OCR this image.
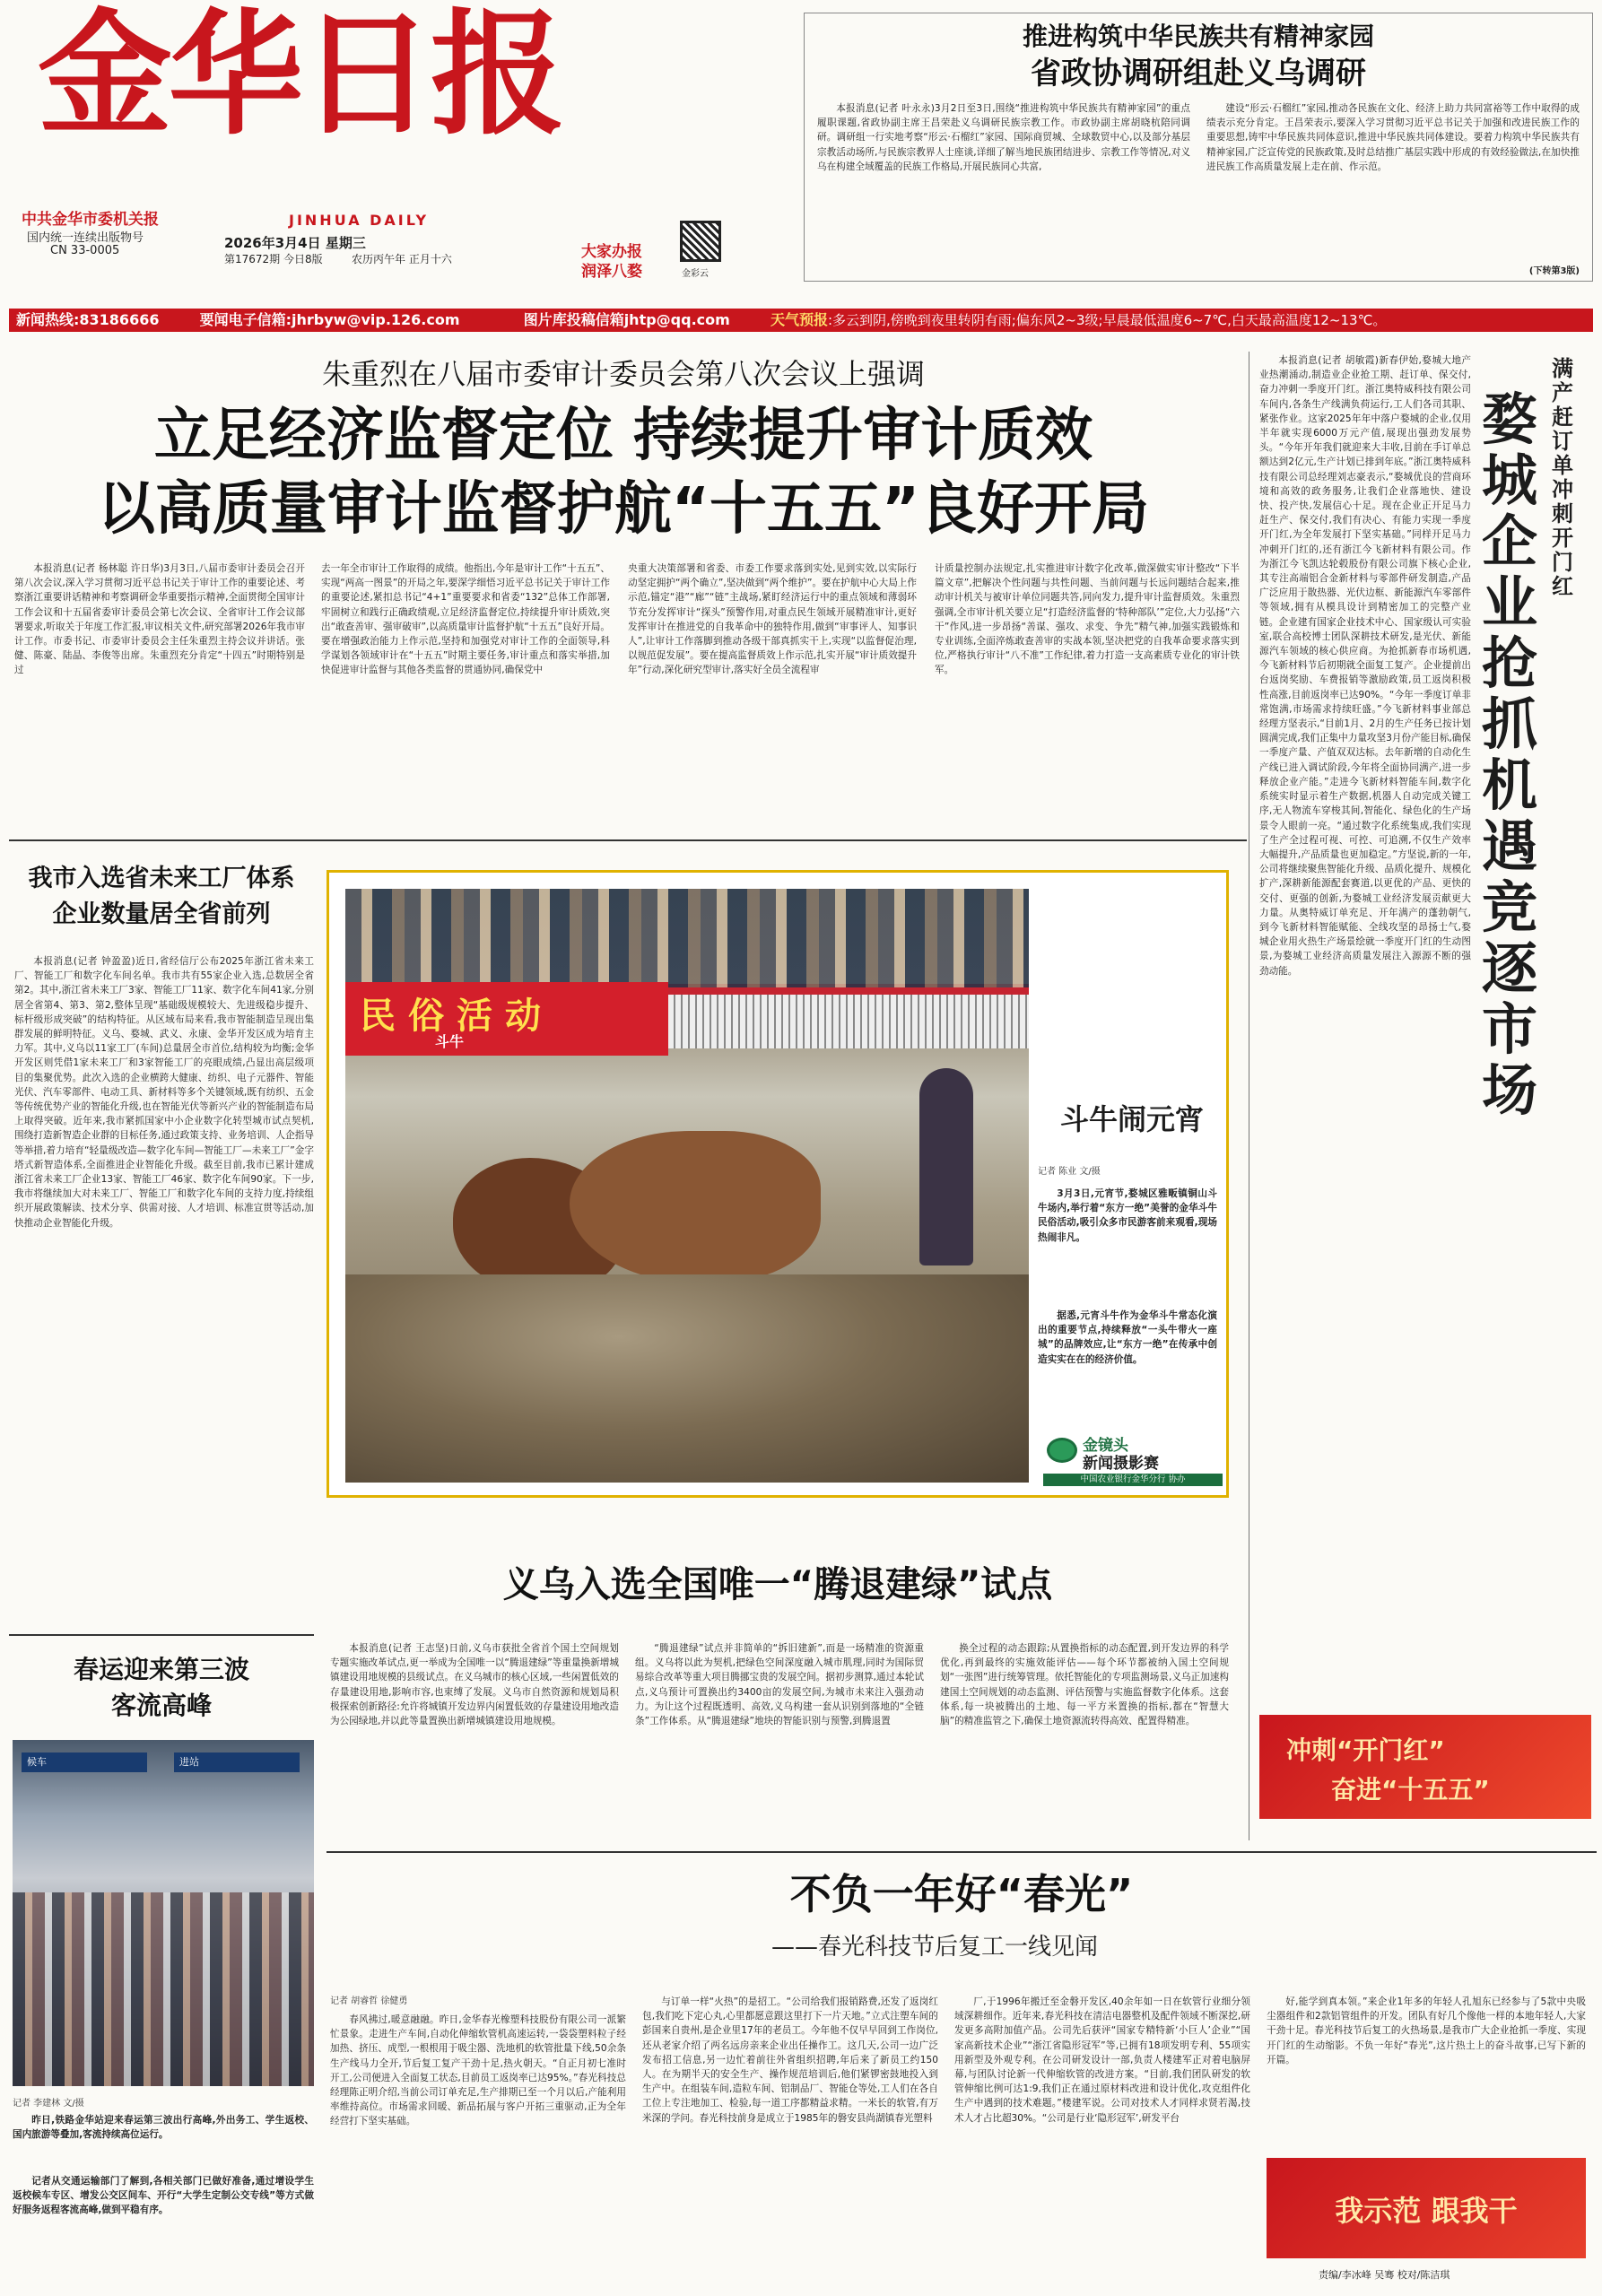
金华日报
JINHUA DAILY
中共金华市委机关报
国内统一连续出版物号
CN 33-0005	2026年3月4日 星期三
第17672期 今日8版	农历丙午年 正月十六	大家办报
润泽八婺	金彩云
推进构筑中华民族共有精神家园
省政协调研组赴义乌调研
本报消息(记者 叶永永)3月2日至3日,围绕“推进构筑中华民族共有精神家园”的重点履职课题,省政协副主席王昌荣赴义乌调研民族宗教工作。市政协副主席胡晓杭陪同调研。调研组一行实地考察“形云·石榴红”家园、国际商贸城、全球数贸中心,以及部分基层宗教活动场所,与民族宗教界人士座谈,详细了解当地民族团结进步、宗教工作等情况,对义乌在构建全域覆盖的民族工作格局,开展民族同心共富,
建设“形云·石榴红”家园,推动各民族在文化、经济上助力共同富裕等工作中取得的成绩表示充分肯定。王昌荣表示,要深入学习贯彻习近平总书记关于加强和改进民族工作的重要思想,铸牢中华民族共同体意识,推进中华民族共同体建设。要着力构筑中华民族共有精神家园,广泛宣传党的民族政策,及时总结推广基层实践中形成的有效经验做法,在加快推进民族工作高质量发展上走在前、作示范。
(下转第3版)
新闻热线:83186666	要闻电子信箱:jhrbyw@vip.126.com	图片库投稿信箱jhtp@qq.com	天气预报:多云到阴,傍晚到夜里转阴有雨;偏东风2~3级;早晨最低温度6~7℃,白天最高温度12~13℃。
朱重烈在八届市委审计委员会第八次会议上强调
立足经济监督定位 持续提升审计质效
以高质量审计监督护航“十五五”良好开局
本报消息(记者 杨林聪 许日华)3月3日,八届市委审计委员会召开第八次会议,深入学习贯彻习近平总书记关于审计工作的重要论述、考察浙江重要讲话精神和考察调研金华重要指示精神,全面贯彻全国审计工作会议和十五届省委审计委员会第七次会议、全省审计工作会议部署要求,听取关于年度工作汇报,审议相关文件,研究部署2026年我市审计工作。市委书记、市委审计委员会主任朱重烈主持会议并讲话。张健、陈豪、陆晶、李俊等出席。朱重烈充分肯定“十四五”时期特别是过
去一年全市审计工作取得的成绩。他指出,今年是审计工作“十五五”、实现“两高一图景”的开局之年,要深学细悟习近平总书记关于审计工作的重要论述,紧扣总书记“4+1”重要要求和省委“132”总体工作部署,牢固树立和践行正确政绩观,立足经济监督定位,持续提升审计质效,突出“敢查善审、强审破审”,以高质量审计监督护航“十五五”良好开局。要在增强政治能力上作示范,坚持和加强党对审计工作的全面领导,科学谋划各领域审计在“十五五”时期主要任务,审计重点和落实举措,加快促进审计监督与其他各类监督的贯通协同,确保党中
央重大决策部署和省委、市委工作要求落到实处,见到实效,以实际行动坚定拥护“两个确立”,坚决做到“两个维护”。要在护航中心大局上作示范,锚定“港”“廊”“链”主战场,紧盯经济运行中的重点领域和薄弱环节充分发挥审计“探头”预警作用,对重点民生领域开展精准审计,更好发挥审计在推进党的自我革命中的独特作用,做到“审事评人、知事识人”,让审计工作落脚到推动各级干部真抓实干上,实现“以监督促治理,以规范促发展”。要在提高监督质效上作示范,扎实开展“审计质效提升年”行动,深化研究型审计,落实好全员全流程审
计质量控制办法规定,扎实推进审计数字化改革,做深做实审计整改“下半篇文章”,把解决个性问题与共性问题、当前问题与长远问题结合起来,推动审计机关与被审计单位同题共答,同向发力,提升审计监督质效。朱重烈强调,全市审计机关要立足“打造经济监督的‘特种部队’”定位,大力弘扬“六干”作风,进一步昂扬“善谋、强攻、求变、争先”精气神,加强实践锻炼和专业训练,全面淬炼敢查善审的实战本领,坚决把党的自我革命要求落实到位,严格执行审计“八不准”工作纪律,着力打造一支高素质专业化的审计铁军。
我市入选省未来工厂体系
企业数量居全省前列
本报消息(记者 钟盈盈)近日,省经信厅公布2025年浙江省未来工厂、智能工厂和数字化车间名单。我市共有55家企业入选,总数居全省第2。其中,浙江省未来工厂3家、智能工厂11家、数字化车间41家,分别居全省第4、第3、第2,整体呈现“基础级规模较大、先进级稳步提升、标杆级形成突破”的结构特征。从区域布局来看,我市智能制造呈现出集群发展的鲜明特征。义乌、婺城、武义、永康、金华开发区成为培育主力军。其中,义乌以11家工厂(车间)总量居全市首位,结构较为均衡;金华开发区则凭借1家未来工厂和3家智能工厂的亮眼成绩,凸显出高层级项目的集聚优势。此次入选的企业横跨大健康、纺织、电子元器件、智能光伏、汽车零部件、电动工具、新材料等多个关键领域,既有纺织、五金等传统优势产业的智能化升级,也在智能光伏等新兴产业的智能制造布局上取得突破。近年来,我市紧抓国家中小企业数字化转型城市试点契机,围绕打造新智造企业群的目标任务,通过政策支持、业务培训、人企指导等举措,着力培育“轻量级改造—数字化车间—智能工厂—未来工厂”金字塔式新智造体系,全面推进企业智能化升级。截至目前,我市已累计建成浙江省未来工厂企业13家、智能工厂46家、数字化车间90家。下一步,我市将继续加大对未来工厂、智能工厂和数字化车间的支持力度,持续组织开展政策解读、技术分享、供需对接、人才培训、标准宣贯等活动,加快推动企业智能化升级。
民俗活动
斗牛
斗牛闹元宵
记者 陈业 文/摄
3月3日,元宵节,婺城区雅畈镇铜山斗牛场内,举行着“东方一绝”美誉的金华斗牛民俗活动,吸引众多市民游客前来观看,现场热闹非凡。
据悉,元宵斗牛作为金华斗牛常态化演出的重要节点,持续释放“一头牛带火一座城”的品牌效应,让“东方一绝”在传承中创造实实在在的经济价值。
金镜头
新闻摄影赛
中国农业银行金华分行 协办
义乌入选全国唯一“腾退建绿”试点
本报消息(记者 王志坚)日前,义乌市获批全省首个国土空间规划专题实施改革试点,更一举成为全国唯一以“腾退建绿”等重量换新增城镇建设用地规模的县级试点。在义乌城市的核心区域,一些闲置低效的存量建设用地,影响市容,也束缚了发展。义乌市自然资源和规划局积极探索创新路径:允许将城镇开发边界内闲置低效的存量建设用地改造为公园绿地,并以此等量置换出新增城镇建设用地规模。
“腾退建绿”试点并非简单的“拆旧建新”,而是一场精准的资源重组。义乌将以此为契机,把绿色空间深度融入城市肌理,同时为国际贸易综合改革等重大项目腾挪宝贵的发展空间。据初步测算,通过本轮试点,义乌预计可置换出约3400亩的发展空间,为城市未来注入强劲动力。为让这个过程既透明、高效,义乌构建一套从识别到落地的“全链条”工作体系。从“腾退建绿”地块的智能识别与预警,到腾退置
换全过程的动态跟踪;从置换指标的动态配置,到开发边界的科学优化,再到最终的实施效能评估——每个环节都被纳入国土空间规划“一张图”进行统筹管理。依托智能化的专项监测场景,义乌正加速构建国土空间规划的动态监测、评估预警与实施监督数字化体系。这套体系,每一块被腾出的土地、每一平方米置换的指标,都在“智慧大脑”的精准监管之下,确保土地资源流转得高效、配置得精准。
春运迎来第三波
客流高峰
候车	进站
记者 李建林 文/摄
昨日,铁路金华站迎来春运第三波出行高峰,外出务工、学生返校、国内旅游等叠加,客流持续高位运行。
记者从交通运输部门了解到,各相关部门已做好准备,通过增设学生返校候车专区、增发公交区间车、开行“大学生定制公交专线”等方式做好服务返程客流高峰,做到平稳有序。
不负一年好“春光”
——春光科技节后复工一线见闻
记者 胡睿哲 徐健勇
春风拂过,暖意融融。昨日,金华春光橡塑科技股份有限公司一派繁忙景象。走进生产车间,自动化伸缩软管机高速运转,一袋袋塑料粒子经加热、挤压、成型,一根根用于吸尘器、洗地机的软管批量下线,50余条生产线马力全开,节后复工复产干劲十足,热火朝天。“自正月初七准时开工,公司便进入全面复工状态,目前员工返岗率已达95%。”春光科技总经理陈正明介绍,当前公司订单充足,生产排期已至一个月以后,产能利用率维持高位。市场需求回暖、新品拓展与客户开拓三重驱动,正为全年经营打下坚实基础。
与订单一样“火热”的是招工。“公司给我们报销路费,还发了返岗红包,我们吃下定心丸,心里都愿意跟这里打下一片天地。”立式注塑车间的彭国来自贵州,是企业里17年的老员工。今年他不仅早早回到工作岗位,还从老家介绍了两名远房亲来企业出任操作工。这几天,公司一边广泛发布招工信息,另一边忙着前往外省组织招聘,年后来了新员工约150人。在为期半天的安全生产、操作规范培训后,他们紧锣密鼓地投入到生产中。在组装车间,造粒车间、铝制品厂、智能仓等处,工人们在各自工位上专注地加工、检验,每一道工序都精益求精。一米长的软管,有万米深的学问。春光科技前身是成立于1985年的磐安县尚湖镇春光塑料
厂,于1996年搬迁至金磐开发区,40余年如一日在软管行业细分领域深耕细作。近年来,春光科技在清洁电器整机及配件领域不断深挖,研发更多高附加值产品。公司先后获评“国家专精特新‘小巨人’企业”“国家高新技术企业”“浙江省隐形冠军”等,已拥有18项发明专利、55项实用新型及外观专利。在公司研发设计一部,负责人楼建军正对着电脑屏幕,与团队讨论新一代伸缩软管的改进方案。“目前,我们团队研发的软管伸缩比例可达1:9,我们正在通过原材料改进和设计优化,攻克组件化生产中遇到的技术难题。”楼建军说。公司对技术人才同样求贤若渴,技术人才占比超30%。“公司是行业‘隐形冠军’,研发平台
好,能学到真本领。”来企业1年多的年轻人孔旭东已经参与了5款中央吸尘器组件和2款铝管组件的开发。团队有好几个像他一样的本地年轻人,大家干劲十足。春光科技节后复工的火热场景,是我市广大企业抢抓一季度、实现开门红的生动缩影。不负一年好“春光”,这片热土上的奋斗故事,已写下新的开篇。
我示范 跟我干
责编/李冰峰 吴骞 校对/陈洁琪
本报消息(记者 胡敏霞)新春伊始,婺城大地产业热潮涌动,制造业企业抢工期、赶订单、保交付,奋力冲刺一季度开门红。浙江奥特威科技有限公司车间内,各条生产线满负荷运行,工人们各司其职、紧张作业。这家2025年年中落户婺城的企业,仅用半年就实现6000万元产值,展现出强劲发展势头。“今年开年我们就迎来大丰收,目前在手订单总额达到2亿元,生产计划已排到年底。”浙江奥特威科技有限公司总经理刘志豪表示,“婺城优良的营商环境和高效的政务服务,让我们企业落地快、建设快、投产快,发展信心十足。现在企业正开足马力赶生产、保交付,我们有决心、有能力实现一季度开门红,为全年发展打下坚实基础。”同样开足马力冲刺开门红的,还有浙江今飞新材料有限公司。作为浙江今飞凯达轮毂股份有限公司旗下核心企业,其专注高端铝合金新材料与零部件研发制造,产品广泛应用于散热器、光伏边框、新能源汽车零部件等领域,拥有从模具设计到精密加工的完整产业链。企业建有国家企业技术中心、国家级认可实验室,联合高校博士团队深耕技术研发,是光伏、新能源汽车领域的核心供应商。为抢抓新春市场机遇,今飞新材料节后初期就全面复工复产。企业提前出台返岗奖励、车费报销等激励政策,员工返岗积极性高涨,目前返岗率已达90%。“今年一季度订单非常饱满,市场需求持续旺盛。”今飞新材料事业部总经理方坚表示,“目前1月、2月的生产任务已按计划圆满完成,我们正集中力量攻坚3月份产能目标,确保一季度产量、产值双双达标。去年新增的自动化生产线已进入调试阶段,今年将全面协同满产,进一步释放企业产能。”走进今飞新材料智能车间,数字化系统实时显示着生产数据,机器人自动完成关键工序,无人物流车穿梭其间,智能化、绿色化的生产场景令人眼前一亮。“通过数字化系统集成,我们实现了生产全过程可视、可控、可追溯,不仅生产效率大幅提升,产品质量也更加稳定。”方坚说,新的一年,公司将继续聚焦智能化升级、品质化提升、规模化扩产,深耕新能源配套赛道,以更优的产品、更快的交付、更强的创新,为婺城工业经济发展贡献更大力量。从奥特威订单充足、开年满产的蓬勃朝气,到今飞新材料智能赋能、全线攻坚的昂扬士气,婺城企业用火热生产场景绘就一季度开门红的生动图景,为婺城工业经济高质量发展注入源源不断的强劲动能。
满产赶订单 冲刺开门红
婺城企业抢抓机遇竞逐市场
冲刺“开门红”
奋进“十五五”
